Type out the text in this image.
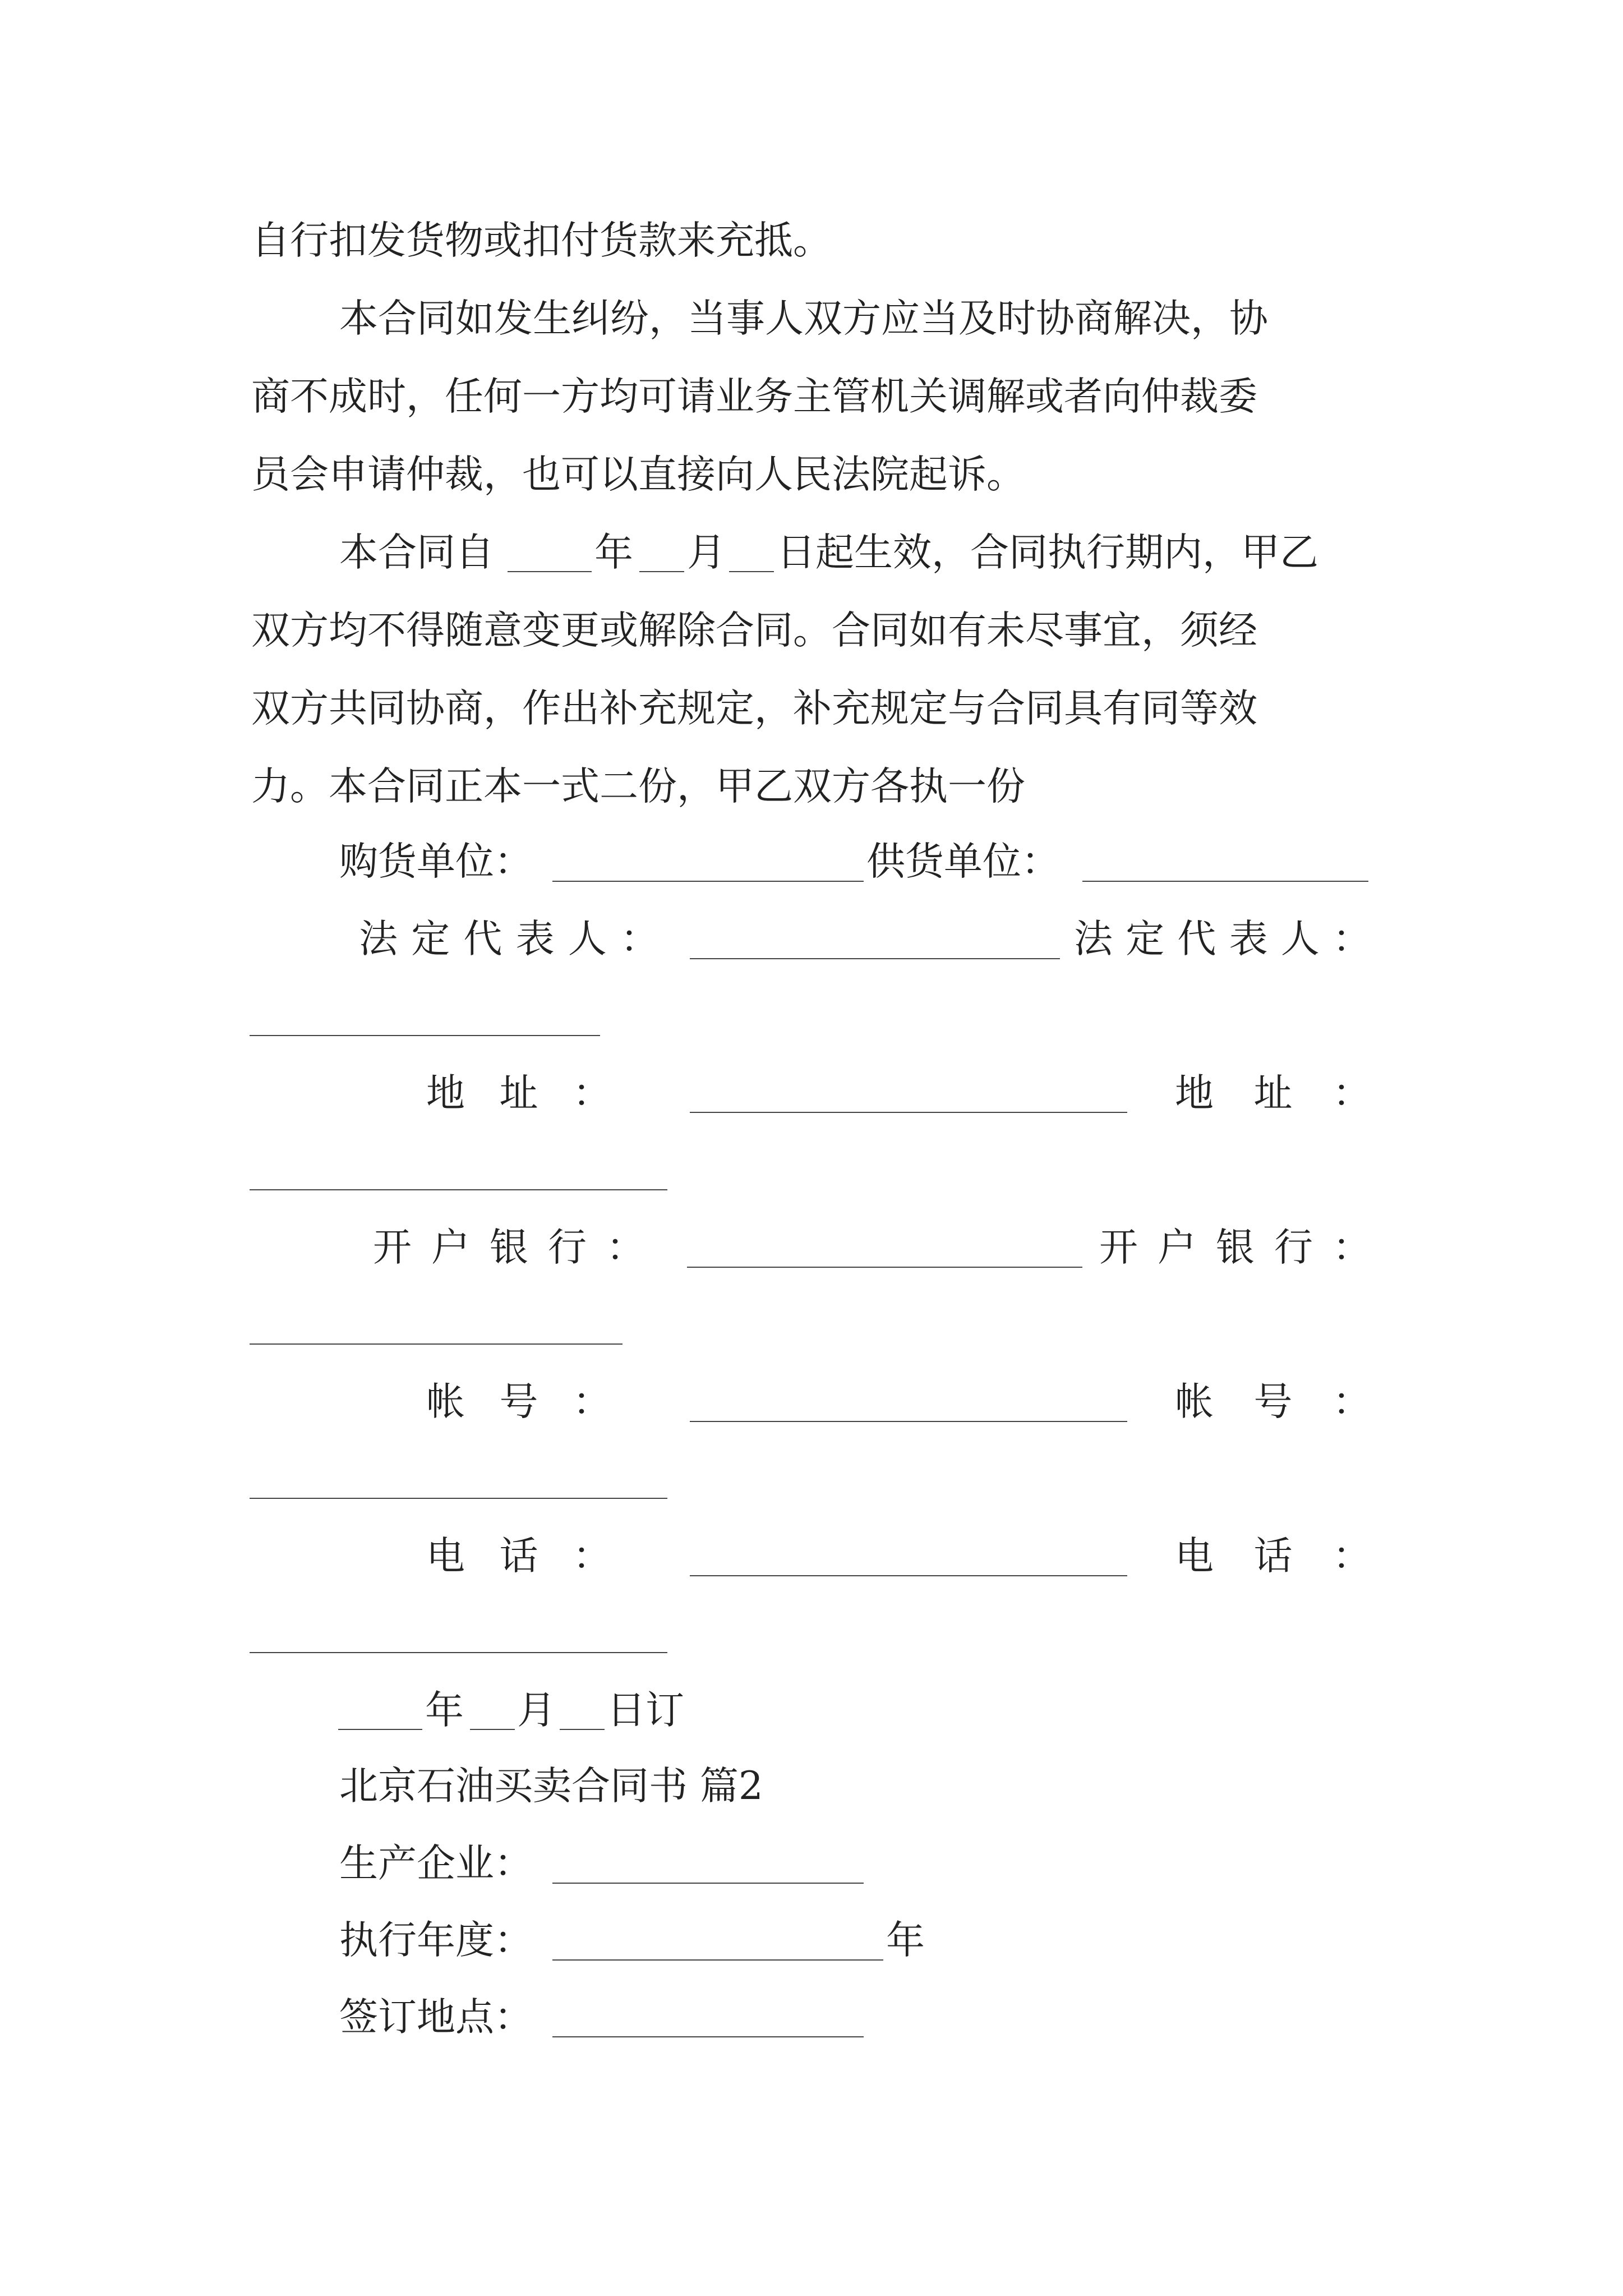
自行扣发货物或扣付货款来充抵。
本合同如发生纠纷，当事人双方应当及时协商解决，协
商不成时，任何一方均可请业务主管机关调解或者向仲裁委
员会申请仲裁，也可以直接向人民法院起诉。
本合同自	年 月 日起生效，合同执行期内，甲乙
双方均不得随意变更或解除合同。合同如有未尽事宜，须经
双方共同协商，作出补充规定，补充规定与合同具有同等效
力。本合同正本一式二份，甲乙双方各执一份
购货单位：	供货单位：
法 定 代 表 人 ：	法 定 代 表 人 ：
地 址 ：	地 址 ：
开 户 银 行 ：	开 户 银 行 ：
帐 号 ：	帐 号 ：
电 话 ：	电 话 ：
年 月 日订
北京石油买卖合同书 篇2
生产企业：
执行年度：	年
签订地点：
